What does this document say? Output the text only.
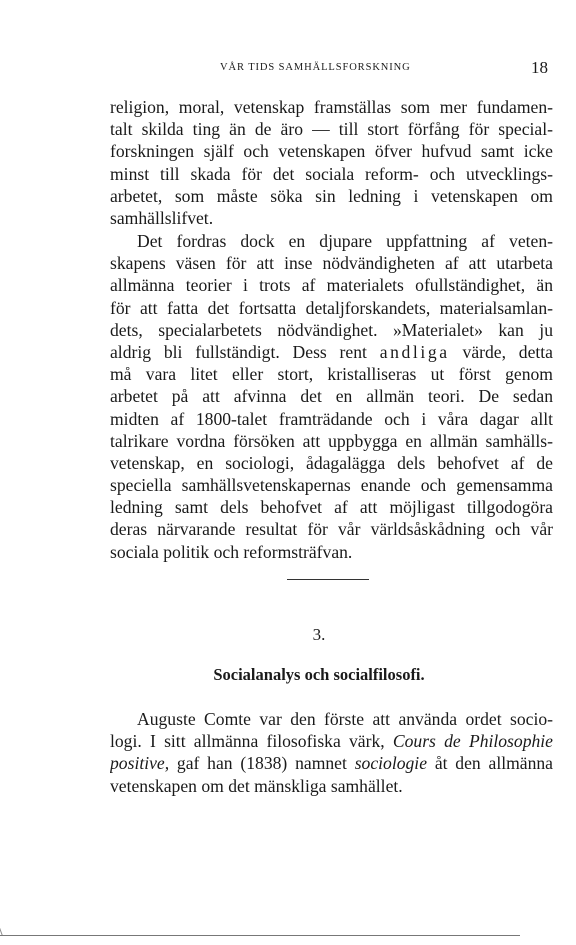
VÅR TIDS SAMHÄLLSFORSKNING	18
religion, moral, vetenskap framställas som mer fundamen-
talt skilda ting än de äro — till stort förfång för special-
forskningen själf och vetenskapen öfver hufvud samt icke
minst till skada för det sociala reform- och utvecklings-
arbetet, som måste söka sin ledning i vetenskapen om
samhällslifvet.
Det fordras dock en djupare uppfattning af veten-
skapens väsen för att inse nödvändigheten af att utarbeta
allmänna teorier i trots af materialets ofullständighet, än
för att fatta det fortsatta detaljforskandets, materialsamlan-
dets, specialarbetets nödvändighet. »Materialet» kan ju
aldrig bli fullständigt. Dess rent andliga värde, detta
må vara litet eller stort, kristalliseras ut först genom
arbetet på att afvinna det en allmän teori. De sedan
midten af 1800-talet framträdande och i våra dagar allt
talrikare vordna försöken att uppbygga en allmän samhälls-
vetenskap, en sociologi, ådagalägga dels behofvet af de
speciella samhällsvetenskapernas enande och gemensamma
ledning samt dels behofvet af att möjligast tillgodogöra
deras närvarande resultat för vår världsåskådning och vår
sociala politik och reformsträfvan.
3.
Socialanalys och socialfilosofi.
Auguste Comte var den förste att använda ordet socio-
logi. I sitt allmänna filosofiska värk, Cours de Philosophie
positive, gaf han (1838) namnet sociologie åt den allmänna
vetenskapen om det mänskliga samhället.
